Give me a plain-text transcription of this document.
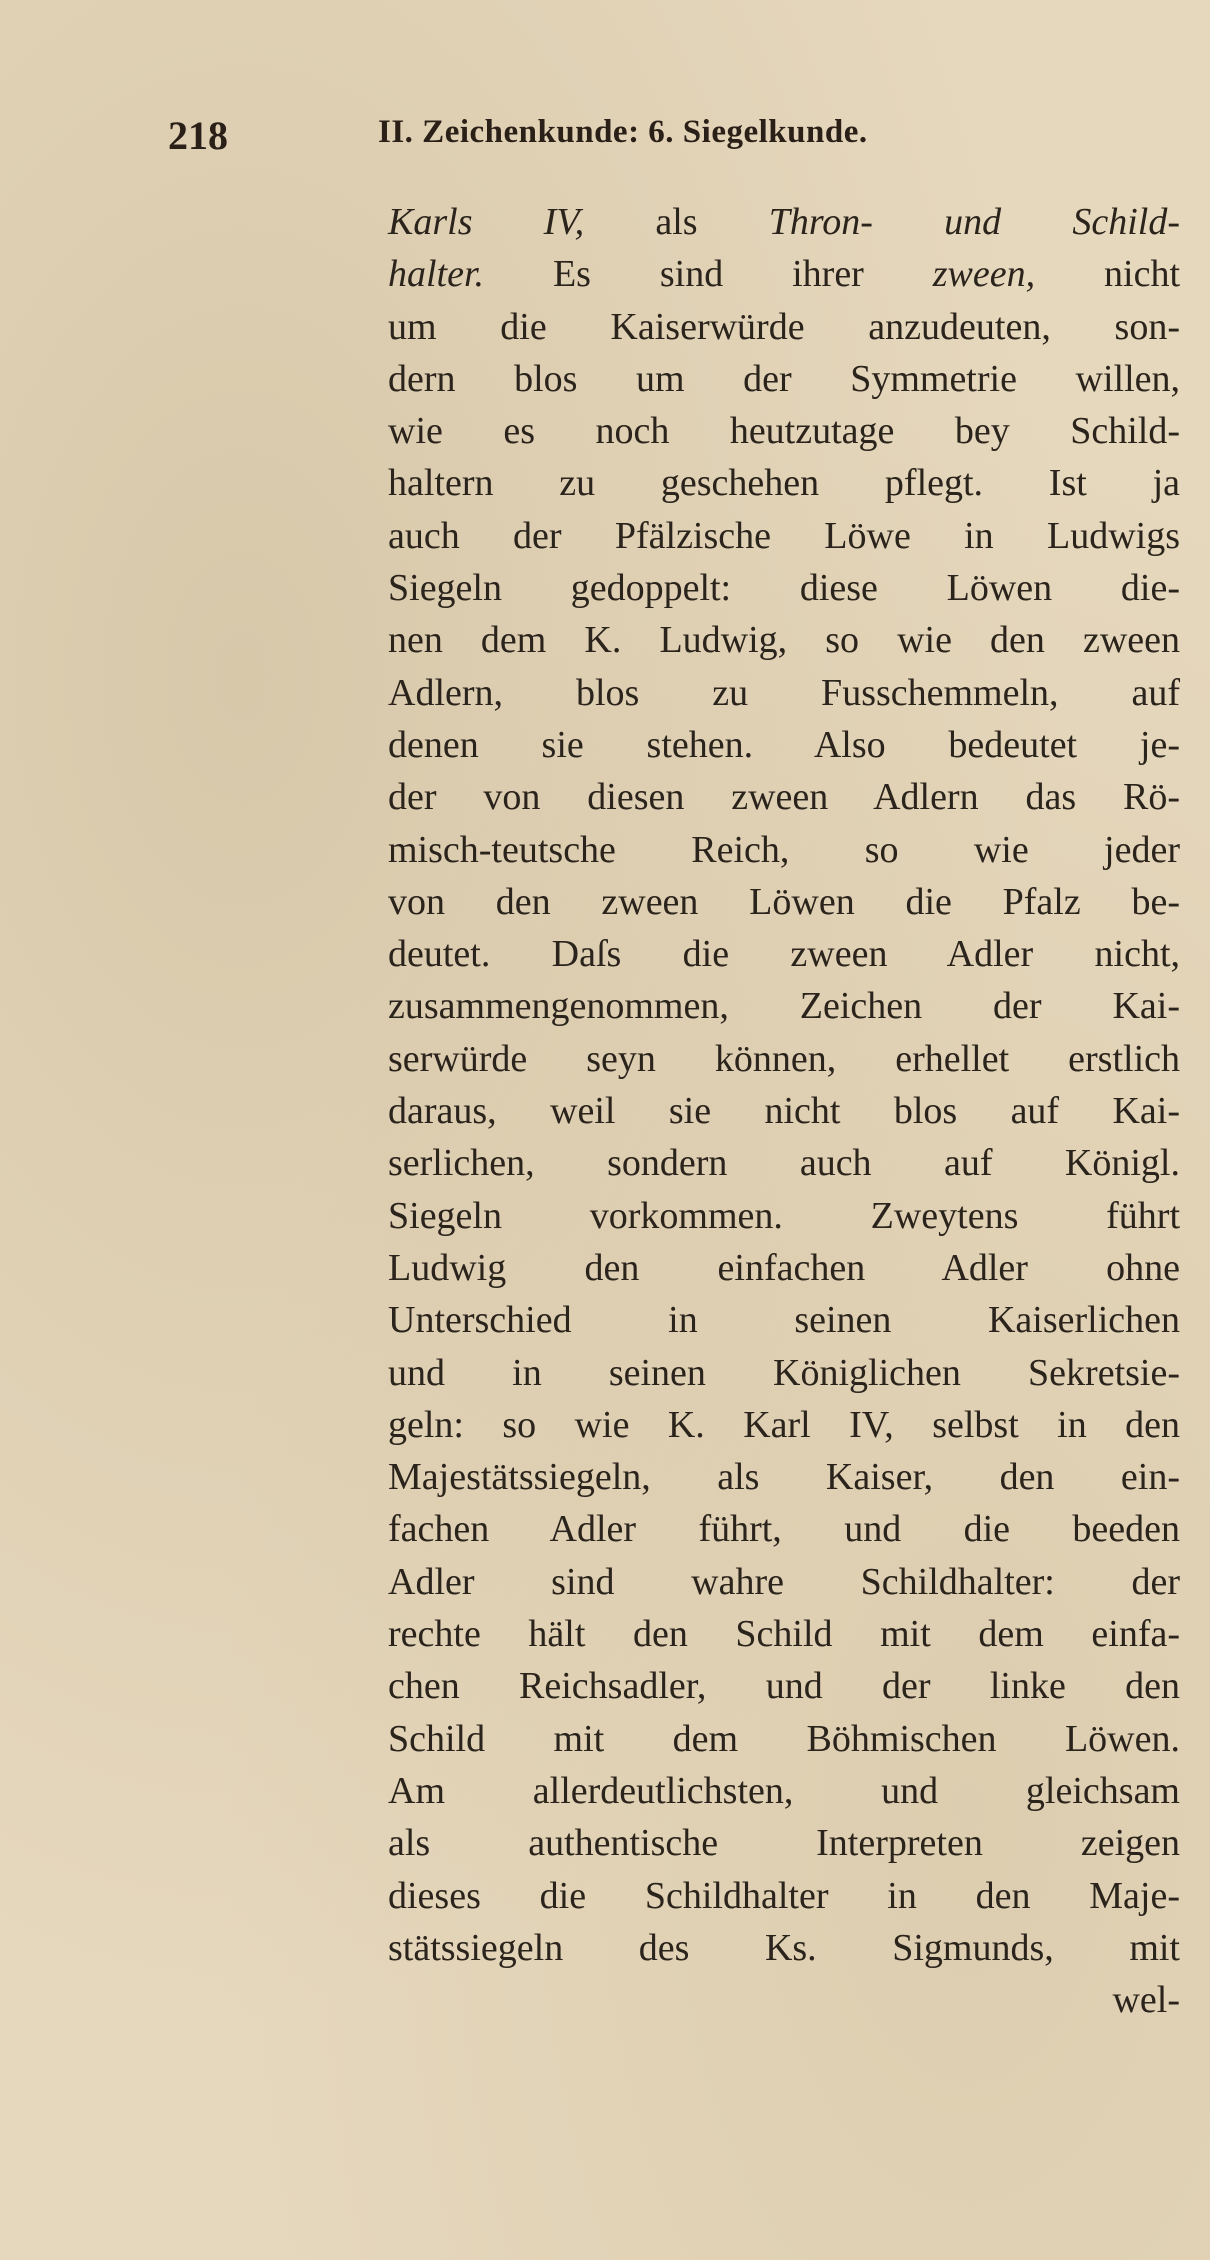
218	II. Zeichenkunde: 6. Siegelkunde.
Karls IV, als Thron- und Schild-
halter. Es sind ihrer zween, nicht
um die Kaiserwürde anzudeuten, son-
dern blos um der Symmetrie willen,
wie es noch heutzutage bey Schild-
haltern zu geschehen pflegt. Ist ja
auch der Pfälzische Löwe in Ludwigs
Siegeln gedoppelt: diese Löwen die-
nen dem K. Ludwig, so wie den zween
Adlern, blos zu Fusschemmeln, auf
denen sie stehen. Also bedeutet je-
der von diesen zween Adlern das Rö-
misch-teutsche Reich, so wie jeder
von den zween Löwen die Pfalz be-
deutet. Daſs die zween Adler nicht,
zusammengenommen, Zeichen der Kai-
serwürde seyn können, erhellet erstlich
daraus, weil sie nicht blos auf Kai-
serlichen, sondern auch auf Königl.
Siegeln vorkommen. Zweytens führt
Ludwig den einfachen Adler ohne
Unterschied in seinen Kaiserlichen
und in seinen Königlichen Sekretsie-
geln: so wie K. Karl IV, selbst in den
Majestätssiegeln, als Kaiser, den ein-
fachen Adler führt, und die beeden
Adler sind wahre Schildhalter: der
rechte hält den Schild mit dem einfa-
chen Reichsadler, und der linke den
Schild mit dem Böhmischen Löwen.
Am allerdeutlichsten, und gleichsam
als authentische Interpreten zeigen
dieses die Schildhalter in den Maje-
stätssiegeln des Ks. Sigmunds, mit
wel-
